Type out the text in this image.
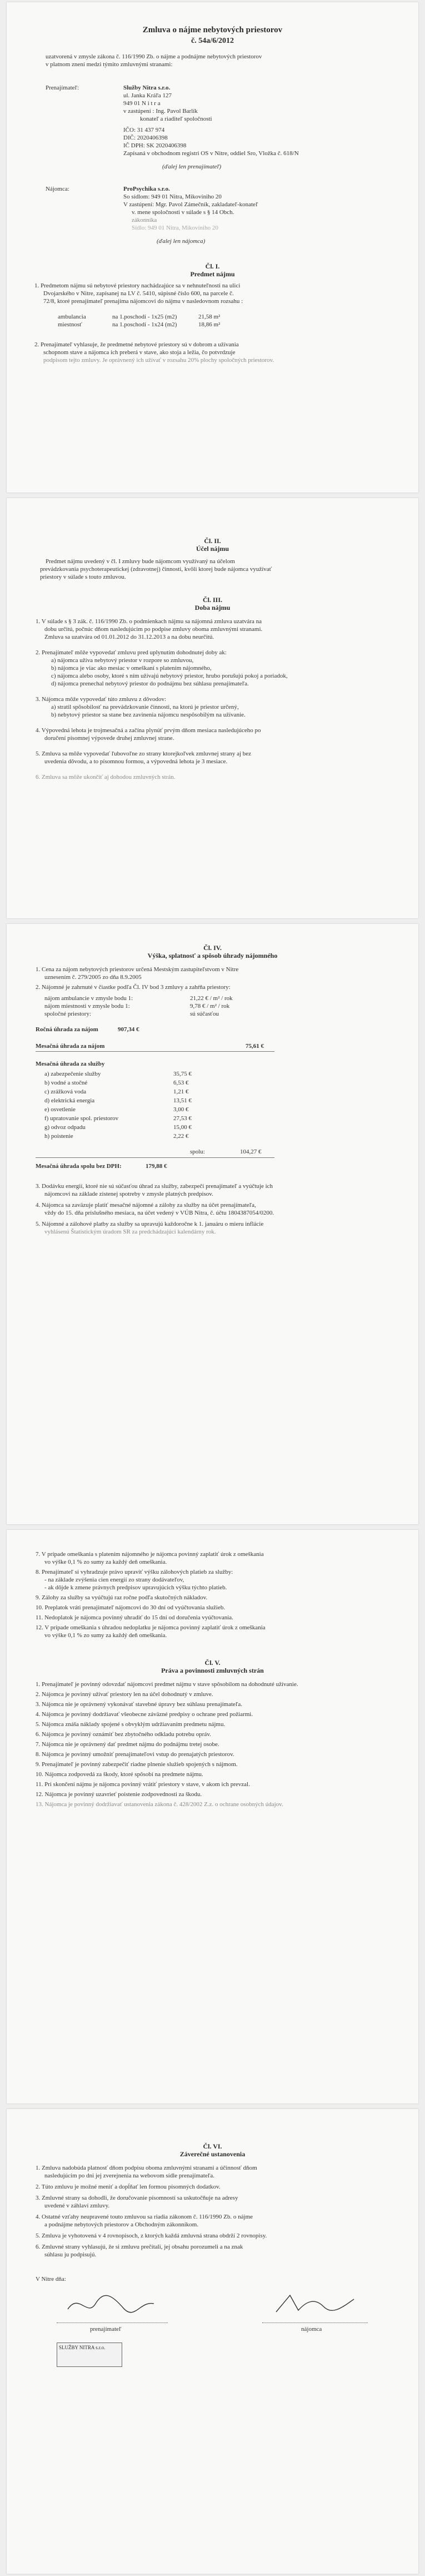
Zmluva o nájme nebytových priestorov
č. 54a/6/2012
uzatvorená v zmysle zákona č. 116/1990 Zb. o nájme a podnájme nebytových priestorov
v platnom znení medzi týmito zmluvnými stranami:
Prenajímateľ:	Služby Nitra s.r.o.
ul. Janka Kráľa 127
949 01 N i t r a
v zastúpení : Ing. Pavol Barlík
konateľ a riaditeľ spoločnosti
IČO: 31 437 974
DIČ: 2020406398
IČ DPH: SK 2020406398
Zapísaná v obchodnom registri OS v Nitre, oddiel Sro, Vložka č. 618/N
(ďalej len prenajímateľ)
Nájomca:	ProPsychika s.r.o.
So sídlom: 949 01 Nitra, Mikovíniho 20
V zastúpení: Mgr. Pavol Zámečník, zakladateľ-konateľ
v. mene spoločnosti v súlade s § 14 Obch.
zákonníka
Sídlo: 949 01 Nitra, Mikovíniho 20
(ďalej len nájomca)
Čl. I.
Predmet nájmu
1. Predmetom nájmu sú nebytové priestory nachádzajúce sa v nehnuteľnosti na ulici
Dvojarského v Nitre, zapísanej na LV č. 5410, súpisné číslo 600, na parcele č.
72/8, ktoré prenajímateľ prenajíma nájomcovi do nájmu v nasledovnom rozsahu :
ambulancia	na 1.poschodí - 1x25 (m2)	21,58 m²
miestnosť	na 1.poschodí - 1x24 (m2)	18,86 m²
2. Prenajímateľ vyhlasuje, že predmetné nebytové priestory sú v dobrom a užívania
schopnom stave a nájomca ich preberá v stave, ako stoja a ležia, čo potvrdzuje
podpisom tejto zmluvy. Je oprávnený ich užívať v rozsahu 20% plochy spoločných priestorov.
Čl. II.
Účel nájmu
Predmet nájmu uvedený v čl. I zmluvy bude nájomcom využívaný na účelom
prevádzkovania psychoterapeutickej (zdravotnej) činnosti, kvôli ktorej bude nájomca využívať
priestory v súlade s touto zmluvou.
Čl. III.
Doba nájmu
1. V súlade s § 3 zák. č. 116/1990 Zb. o podmienkach nájmu sa nájomná zmluva uzatvára na
dobu určitú, počnúc dňom nasledujúcim po podpise zmluvy oboma zmluvnými stranami.
Zmluva sa uzatvára od 01.01.2012 do 31.12.2013 a na dobu neurčitú.
2. Prenajímateľ môže vypovedať zmluvu pred uplynutím dohodnutej doby ak:
a) nájomca užíva nebytový priestor v rozpore so zmluvou,
b) nájomca je viac ako mesiac v omeškaní s platením nájomného,
c) nájomca alebo osoby, ktoré s ním užívajú nebytový priestor, hrubo porušujú pokoj a poriadok,
d) nájomca prenechal nebytový priestor do podnájmu bez súhlasu prenajímateľa.
3. Nájomca môže vypovedať túto zmluvu z dôvodov:
a) stratil spôsobilosť na prevádzkovanie činnosti, na ktorú je priestor určený,
b) nebytový priestor sa stane bez zavinenia nájomcu nespôsobilým na užívanie.
4. Výpovedná lehota je trojmesačná a začína plynúť prvým dňom mesiaca nasledujúceho po
doručení písomnej výpovede druhej zmluvnej strane.
5. Zmluva sa môže vypovedať ľubovoľne zo strany ktorejkoľvek zmluvnej strany aj bez
uvedenia dôvodu, a to písomnou formou, a výpovedná lehota je 3 mesiace.
6. Zmluva sa môže ukončiť aj dohodou zmluvných strán.
Čl. IV.
Výška, splatnosť a spôsob úhrady nájomného
1. Cena za nájom nebytových priestorov určená Mestským zastupiteľstvom v Nitre
uznesením č. 279/2005 zo dňa 8.9.2005
2. Nájomné je zahrnuté v čiastke podľa Čl. IV bod 3 zmluvy a zahŕňa priestory:
nájom ambulancie v zmysle bodu 1:	21,22 € / m² / rok
nájom miestnosti v zmysle bodu 1:	9,78 € / m² / rok
spoločné priestory:	sú súčasťou
Ročná úhrada za nájom	907,34 €
Mesačná úhrada za nájom	75,61 €
Mesačná úhrada za služby
a) zabezpečenie služby	35,75 €
b) vodné a stočné	6,53 €
c) zrážková voda	1,21 €
d) elektrická energia	13,51 €
e) osvetlenie	3,00 €
f) upratovanie spol. priestorov	27,53 €
g) odvoz odpadu	15,00 €
h) poistenie	2,22 €
spolu:	104,27 €
Mesačná úhrada spolu bez DPH:	179,88 €
3. Dodávku energií, ktoré nie sú súčasťou úhrad za služby, zabezpečí prenajímateľ a vyúčtuje ich
nájomcovi na základe zistenej spotreby v zmysle platných predpisov.
4. Nájomca sa zaväzuje platiť mesačné nájomné a zálohy za služby na účet prenajímateľa,
vždy do 15. dňa príslušného mesiaca, na účet vedený v VÚB Nitra, č. účtu 1804387054/0200.
5. Nájomné a zálohové platby za služby sa upravujú každoročne k 1. januáru o mieru inflácie
vyhlásenú Štatistickým úradom SR za predchádzajúci kalendárny rok.
7. V prípade omeškania s platením nájomného je nájomca povinný zaplatiť úrok z omeškania
vo výške 0,1 % zo sumy za každý deň omeškania.
8. Prenajímateľ si vyhradzuje právo upraviť výšku zálohových platieb za služby:
- na základe zvýšenia cien energií zo strany dodávateľov,
- ak dôjde k zmene právnych predpisov upravujúcich výšku týchto platieb.
9. Zálohy za služby sa vyúčtujú raz ročne podľa skutočných nákladov.
10. Preplatok vráti prenajímateľ nájomcovi do 30 dní od vyúčtovania služieb.
11. Nedoplatok je nájomca povinný uhradiť do 15 dní od doručenia vyúčtovania.
12. V prípade omeškania s úhradou nedoplatku je nájomca povinný zaplatiť úrok z omeškania
vo výške 0,1 % zo sumy za každý deň omeškania.
Čl. V.
Práva a povinnosti zmluvných strán
1. Prenajímateľ je povinný odovzdať nájomcovi predmet nájmu v stave spôsobilom na dohodnuté užívanie.
2. Nájomca je povinný užívať priestory len na účel dohodnutý v zmluve.
3. Nájomca nie je oprávnený vykonávať stavebné úpravy bez súhlasu prenajímateľa.
4. Nájomca je povinný dodržiavať všeobecne záväzné predpisy o ochrane pred požiarmi.
5. Nájomca znáša náklady spojené s obvyklým udržiavaním predmetu nájmu.
6. Nájomca je povinný oznámiť bez zbytočného odkladu potrebu opráv.
7. Nájomca nie je oprávnený dať predmet nájmu do podnájmu tretej osobe.
8. Nájomca je povinný umožniť prenajímateľovi vstup do prenajatých priestorov.
9. Prenajímateľ je povinný zabezpečiť riadne plnenie služieb spojených s nájmom.
10. Nájomca zodpovedá za škody, ktoré spôsobí na predmete nájmu.
11. Pri skončení nájmu je nájomca povinný vrátiť priestory v stave, v akom ich prevzal.
12. Nájomca je povinný uzavrieť poistenie zodpovednosti za škodu.
13. Nájomca je povinný dodržiavať ustanovenia zákona č. 428/2002 Z.z. o ochrane osobných údajov.
Čl. VI.
Záverečné ustanovenia
1. Zmluva nadobúda platnosť dňom podpisu oboma zmluvnými stranami a účinnosť dňom
nasledujúcim po dni jej zverejnenia na webovom sídle prenajímateľa.
2. Túto zmluvu je možné meniť a dopĺňať len formou písomných dodatkov.
3. Zmluvné strany sa dohodli, že doručovanie písomností sa uskutočňuje na adresy
uvedené v záhlaví zmluvy.
4. Ostatné vzťahy neupravené touto zmluvou sa riadia zákonom č. 116/1990 Zb. o nájme
a podnájme nebytových priestorov a Obchodným zákonníkom.
5. Zmluva je vyhotovená v 4 rovnopisoch, z ktorých každá zmluvná strana obdrží 2 rovnopisy.
6. Zmluvné strany vyhlasujú, že si zmluvu prečítali, jej obsahu porozumeli a na znak
súhlasu ju podpisujú.
V Nitre dňa:
prenajímateľ	nájomca
SLUŽBY NITRA s.r.o.
